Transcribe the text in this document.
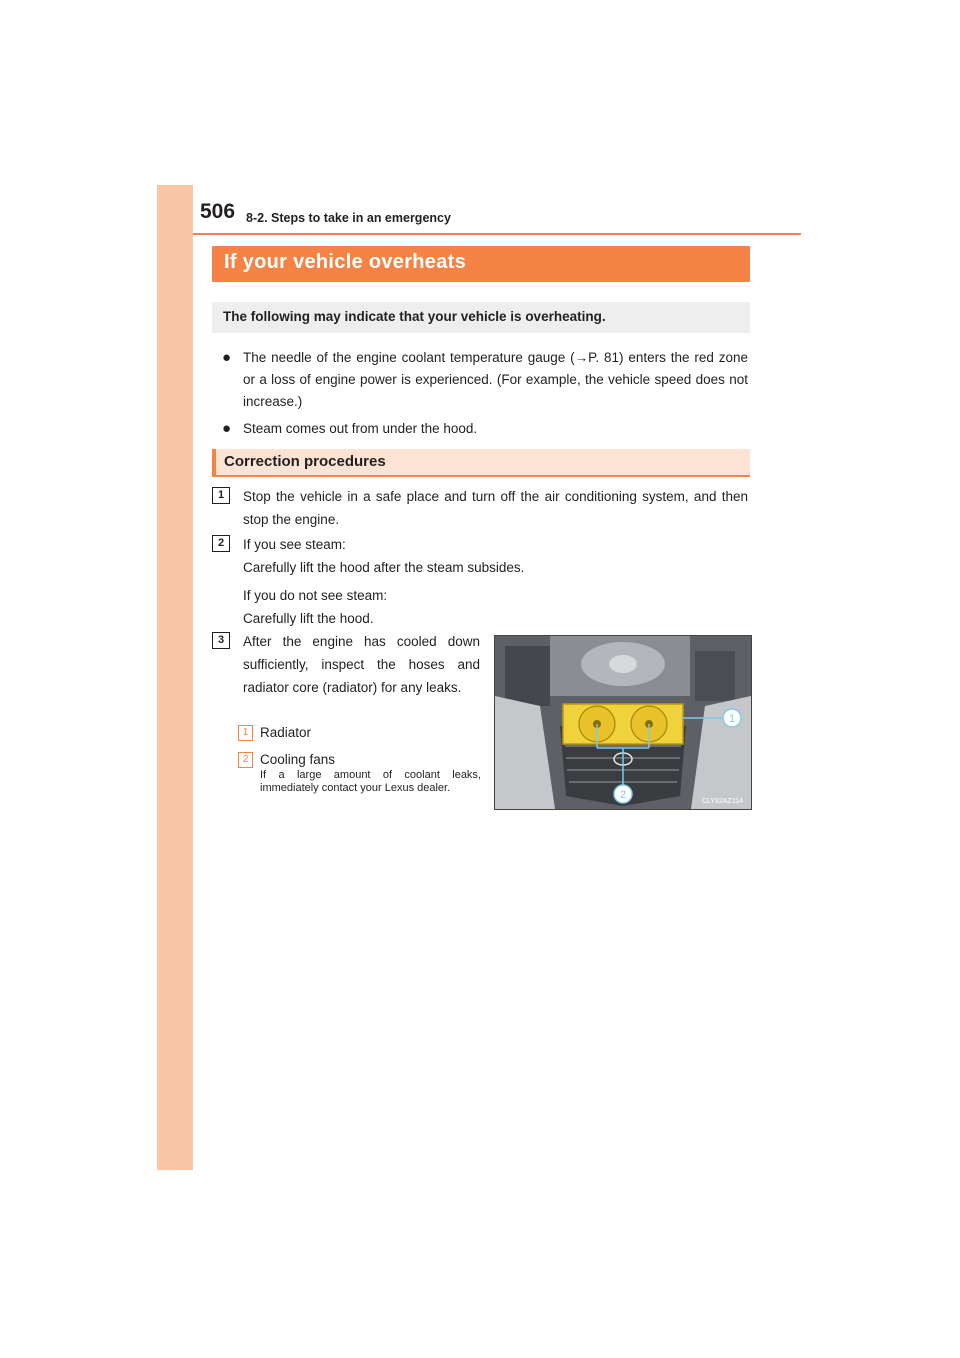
506 8-2. Steps to take in an emergency
If your vehicle overheats
The following may indicate that your vehicle is overheating.
● The needle of the engine coolant temperature gauge (→P. 81) enters the red zone or a loss of engine power is experienced. (For example, the vehicle speed does not increase.)
● Steam comes out from under the hood.
Correction procedures
1	Stop the vehicle in a safe place and turn off the air conditioning system, and then stop the engine.
2	If you see steam:
Carefully lift the hood after the steam subsides.
If you do not see steam:
Carefully lift the hood.
3	After the engine has cooled down sufficiently, inspect the hoses and radiator core (radiator) for any leaks.
1 Radiator
2 Cooling fans
If a large amount of coolant leaks, immediately contact your Lexus dealer.
1
2
CLY82AZ114
